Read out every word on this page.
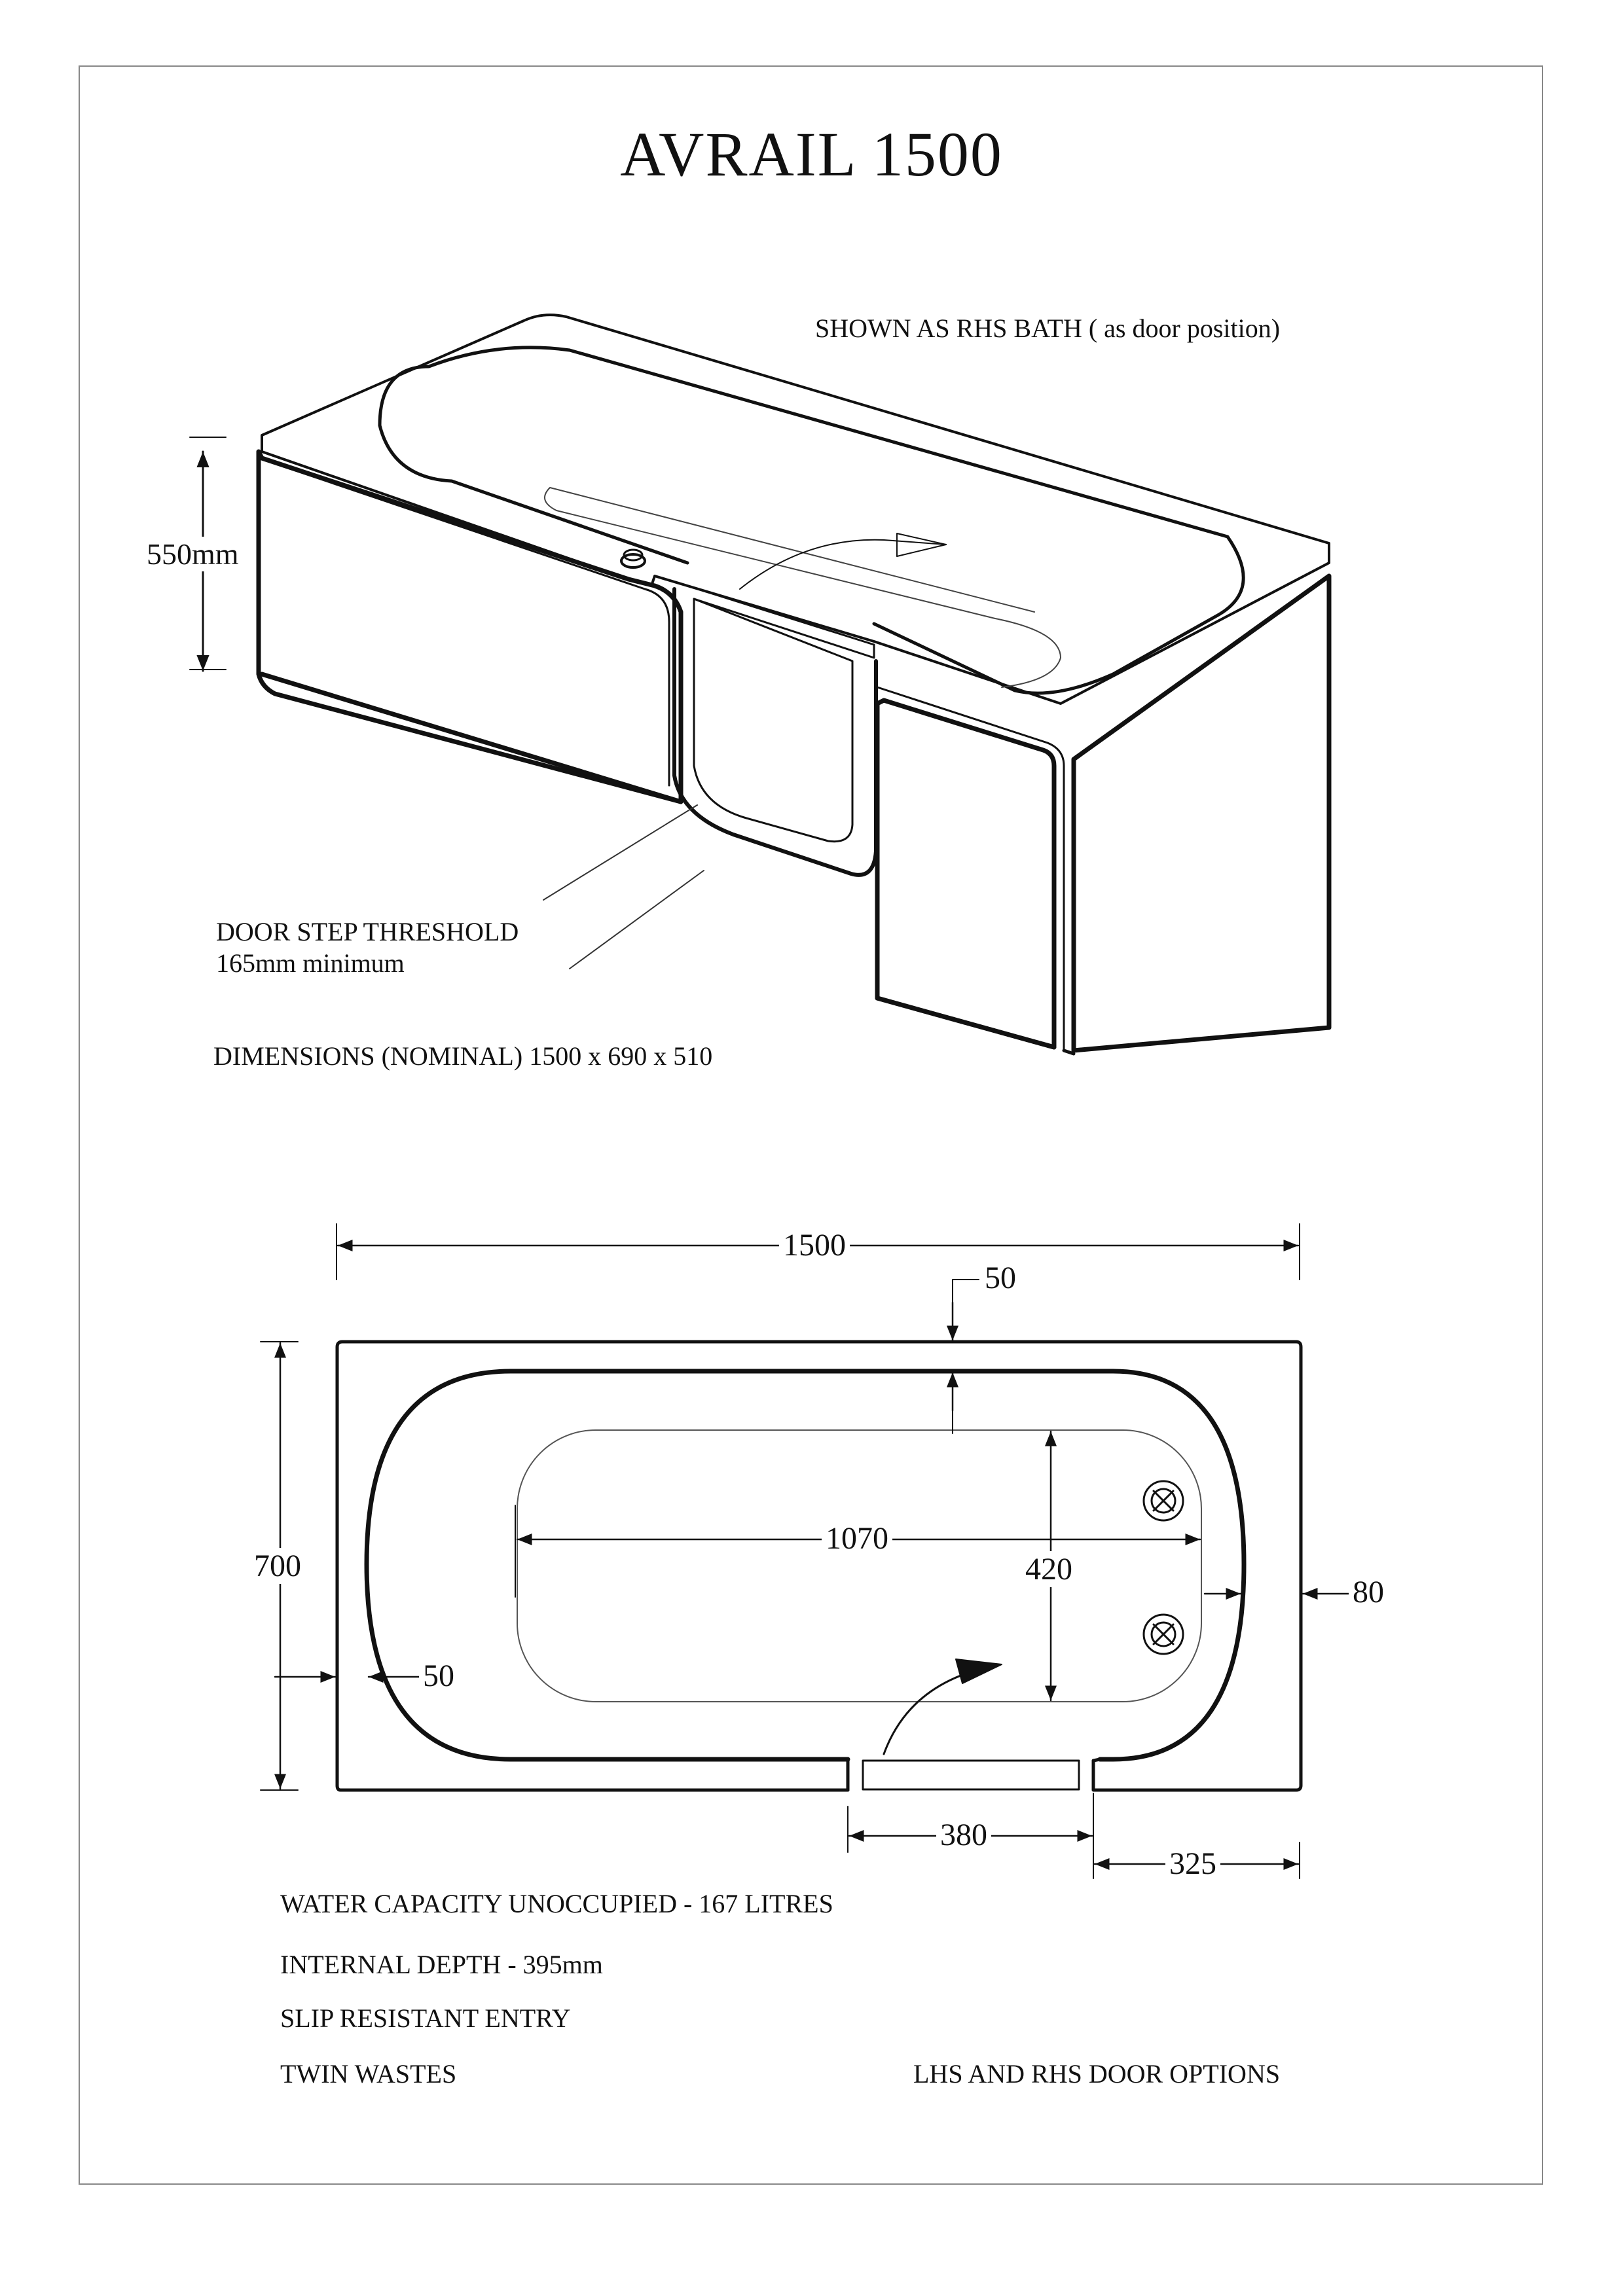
AVRAIL 1500
SHOWN AS RHS BATH ( as door position)
550mm
DOOR STEP THRESHOLD
165mm minimum
DIMENSIONS (NOMINAL) 1500 x 690 x 510
1500
50
1070
420
700
80
50
380
325
WATER CAPACITY UNOCCUPIED - 167 LITRES
INTERNAL DEPTH - 395mm
SLIP RESISTANT ENTRY
TWIN WASTES	LHS AND RHS DOOR OPTIONS
